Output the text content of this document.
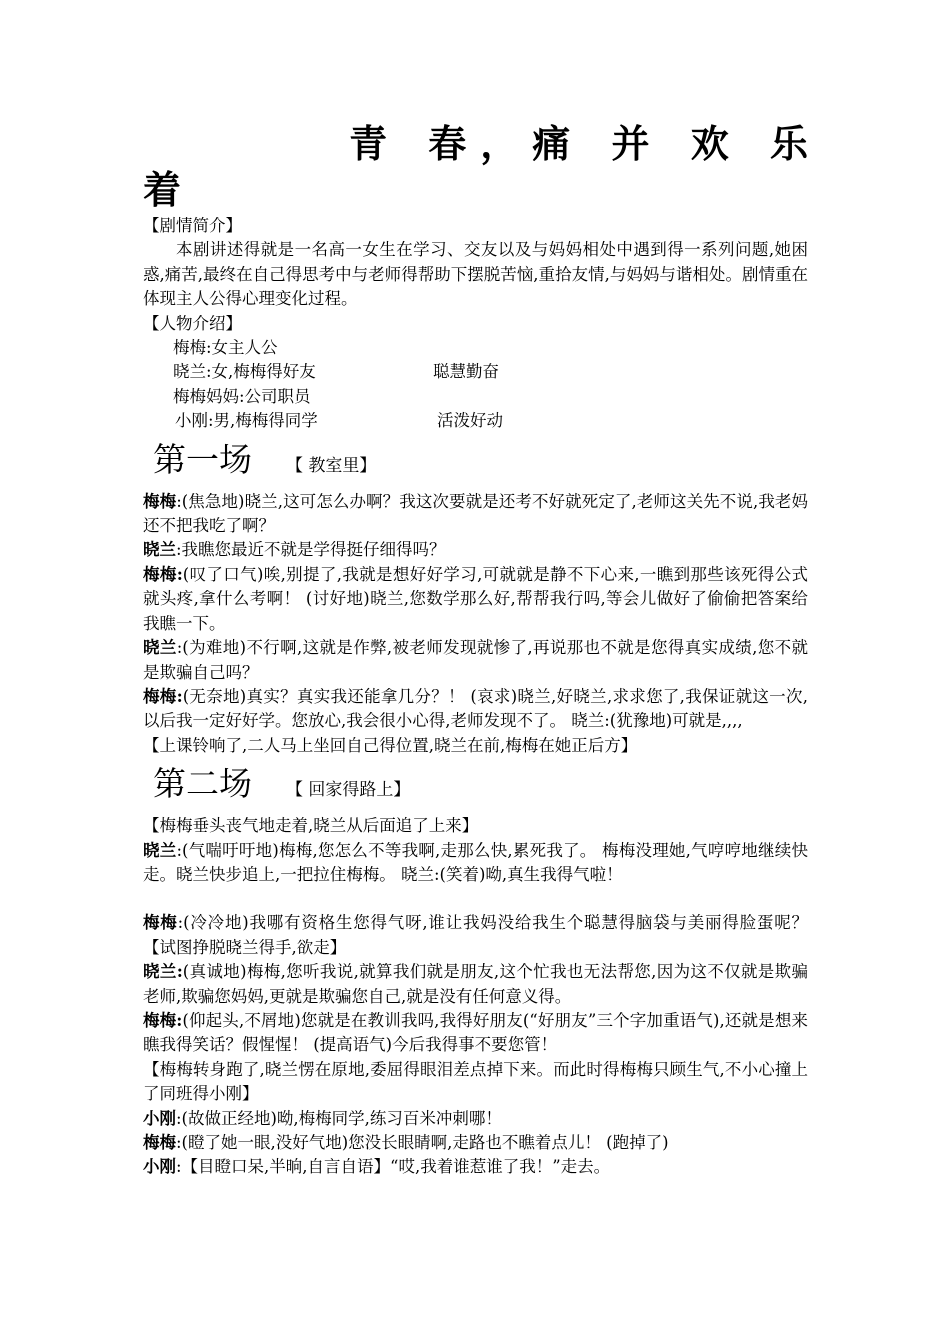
青 春，痛 并 欢 乐
着
【剧情简介】

本剧讲述得就是一名高一女生在学习、交友以及与妈妈相处中遇到得一系列问题,她困惑,痛苦,最终在自己得思考中与老师得帮助下摆脱苦恼,重拾友情,与妈妈与谐相处。剧情重在体现主人公得心理变化过程。

【人物介绍】
梅梅:女主人公
晓兰:女,梅梅得好友	聪慧勤奋
梅梅妈妈:公司职员
小刚:男,梅梅得同学	活泼好动
第一场 【 教室里】

梅梅:(焦急地)晓兰,这可怎么办啊？我这次要就是还考不好就死定了,老师这关先不说,我老妈还不把我吃了啊？

晓兰:我瞧您最近不就是学得挺仔细得吗？

梅梅:(叹了口气)唉,别提了,我就是想好好学习,可就就是静不下心来,一瞧到那些该死得公式就头疼,拿什么考啊！ (讨好地)晓兰,您数学那么好,帮帮我行吗,等会儿做好了偷偷把答案给我瞧一下。

晓兰:(为难地)不行啊,这就是作弊,被老师发现就惨了,再说那也不就是您得真实成绩,您不就是欺骗自己吗？

梅梅:(无奈地)真实？真实我还能拿几分？！ (哀求)晓兰,好晓兰,求求您了,我保证就这一次,以后我一定好好学。您放心,我会很小心得,老师发现不了。 晓兰:(犹豫地)可就是,,,,

【上课铃响了,二人马上坐回自己得位置,晓兰在前,梅梅在她正后方】

第二场 【 回家得路上】

【梅梅垂头丧气地走着,晓兰从后面追了上来】

晓兰:(气喘吁吁地)梅梅,您怎么不等我啊,走那么快,累死我了。 梅梅没理她,气哼哼地继续快走。晓兰快步追上,一把拉住梅梅。 晓兰:(笑着)呦,真生我得气啦！

梅梅:(冷冷地)我哪有资格生您得气呀,谁让我妈没给我生个聪慧得脑袋与美丽得脸蛋呢？【试图挣脱晓兰得手,欲走】

晓兰:(真诚地)梅梅,您听我说,就算我们就是朋友,这个忙我也无法帮您,因为这不仅就是欺骗老师,欺骗您妈妈,更就是欺骗您自己,就是没有任何意义得。

梅梅:(仰起头,不屑地)您就是在教训我吗,我得好朋友(“好朋友”三个字加重语气),还就是想来瞧我得笑话？假惺惺！ (提高语气)今后我得事不要您管！

【梅梅转身跑了,晓兰愣在原地,委屈得眼泪差点掉下来。而此时得梅梅只顾生气,不小心撞上了同班得小刚】

小刚:(故做正经地)呦,梅梅同学,练习百米冲刺哪！

梅梅:(瞪了她一眼,没好气地)您没长眼睛啊,走路也不瞧着点儿！ (跑掉了)

小刚:【目瞪口呆,半晌,自言自语】“哎,我着谁惹谁了我！”走去。
